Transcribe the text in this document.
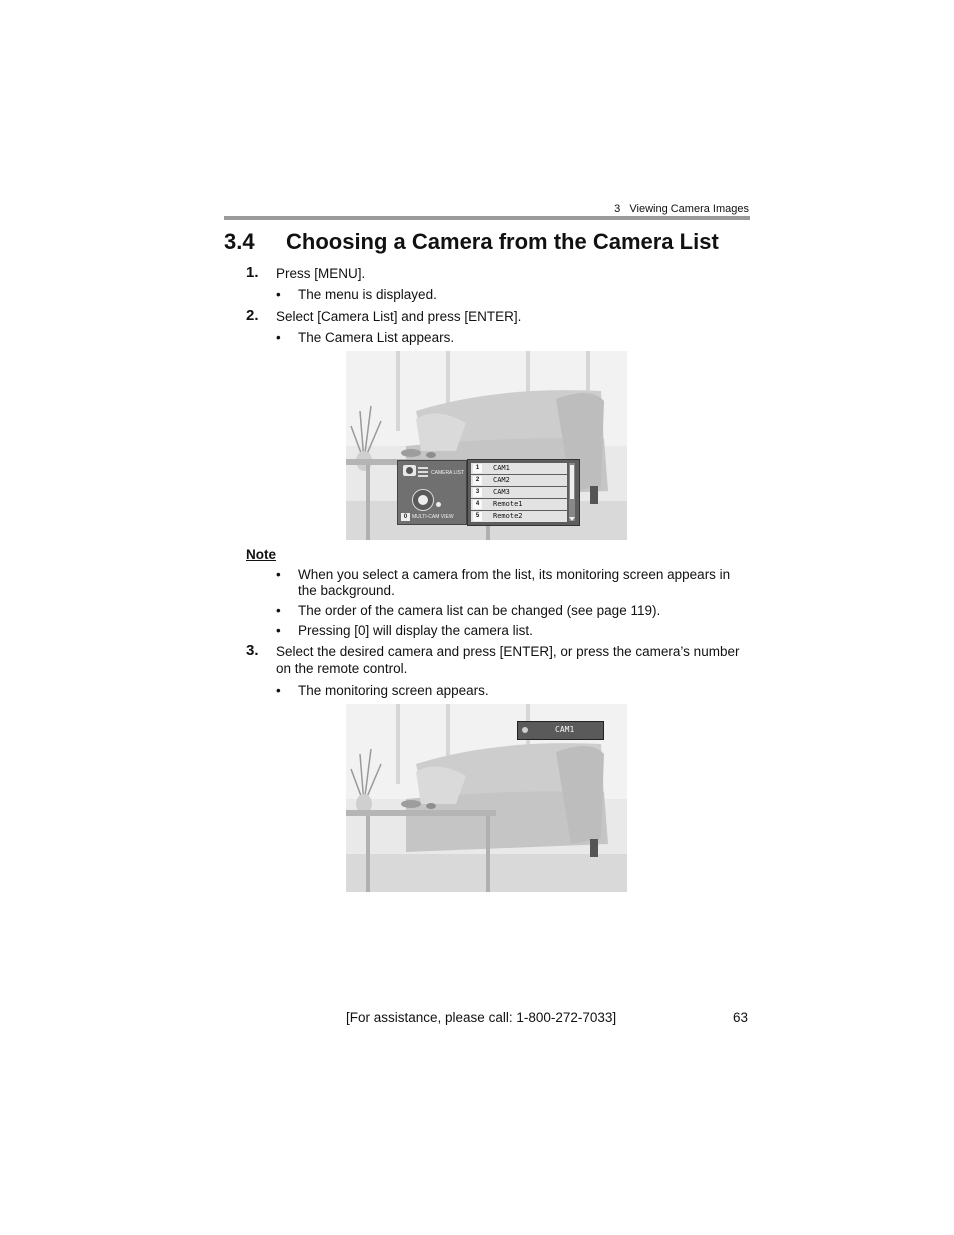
3   Viewing Camera Images
3.4 Choosing a Camera from the Camera List
1. Press [MENU].
• The menu is displayed.
2. Select [Camera List] and press [ENTER].
• The Camera List appears.
CAMERA LIST
0 MULTI-CAM VIEW
1	CAM1
2	CAM2
3	CAM3
4	Remote1
5	Remote2
Note
• When you select a camera from the list, its monitoring screen appears in
the background.
• The order of the camera list can be changed (see page 119).
• Pressing [0] will display the camera list.
3. Select the desired camera and press [ENTER], or press the camera’s number
on the remote control.
• The monitoring screen appears.
CAM1
[For assistance, please call: 1-800-272-7033]	63
